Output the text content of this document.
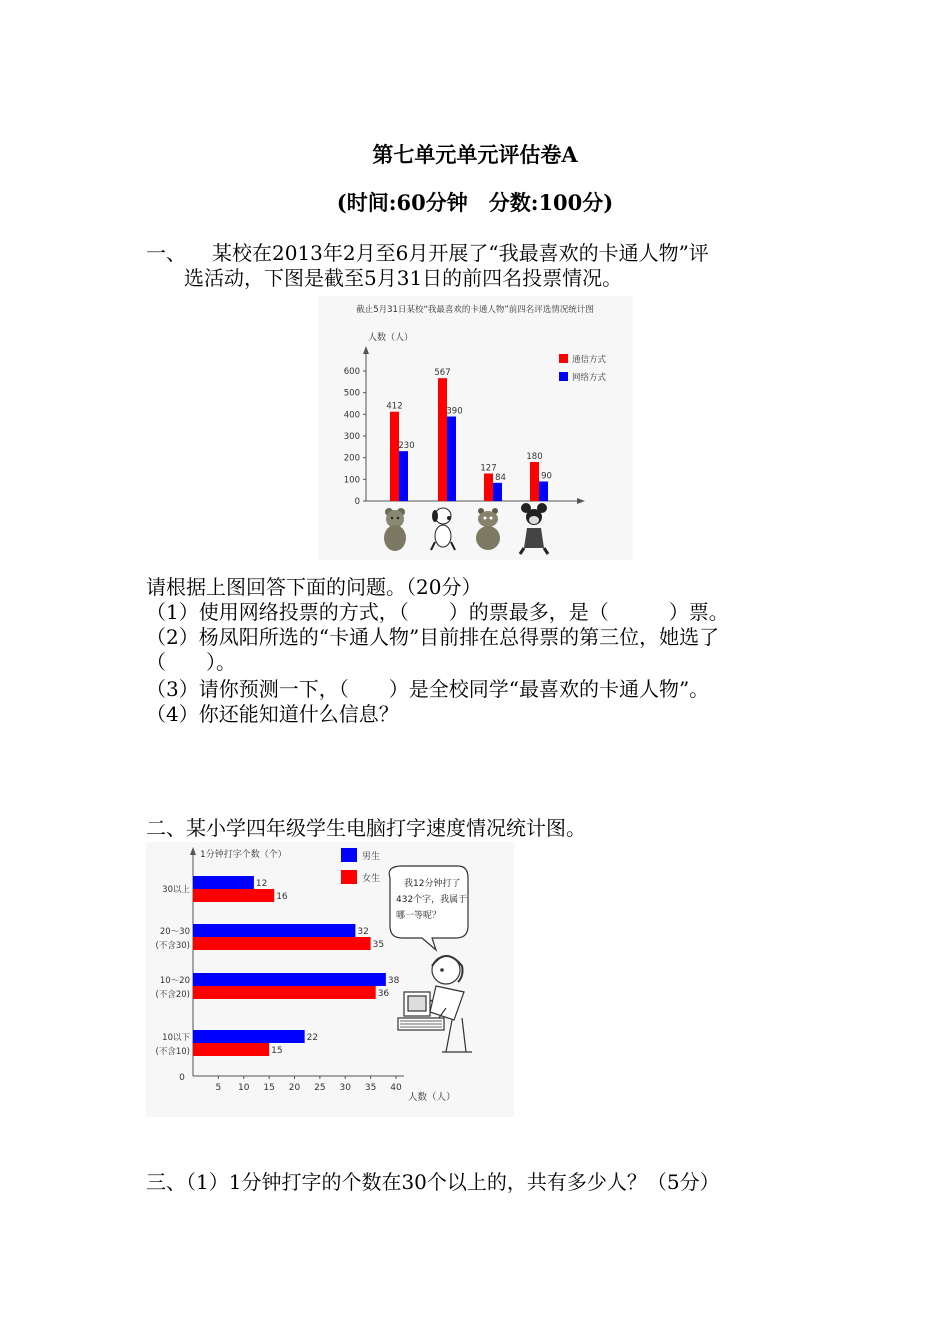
第七单元单元评估卷A
(时间:60分钟　分数:100分)
一、 某校在2013年2月至6月开展了“我最喜欢的卡通人物”评
选活动，下图是截至5月31日的前四名投票情况。
截止5月31日某校“我最喜欢的卡通人物”前四名评选情况统计图
人数（人）
0
100
200
300
400
500
600
412
230
567
390
127
84
180
90
通信方式
网络方式
请根据上图回答下面的问题。（20分）
（1）使用网络投票的方式，（　　）的票最多，是（　　　）票。
（2）杨凤阳所选的“卡通人物”目前排在总得票的第三位，她选了
（　　）。
（3）请你预测一下，（　　）是全校同学“最喜欢的卡通人物”。
（4）你还能知道什么信息？
二、某小学四年级学生电脑打字速度情况统计图。
1分钟打字个数（个）
人数（人）
0
5 10 15 20 25 30 35 40
22
15
38
36
32
35
12
16
10以下
(不含10)
10～20
(不含20)
20～30
(不含30)
30以上
男生
女生	我12分钟打了
432个字，我属于
哪一等呢？
三、（1）1分钟打字的个数在30个以上的，共有多少人？（5分）
